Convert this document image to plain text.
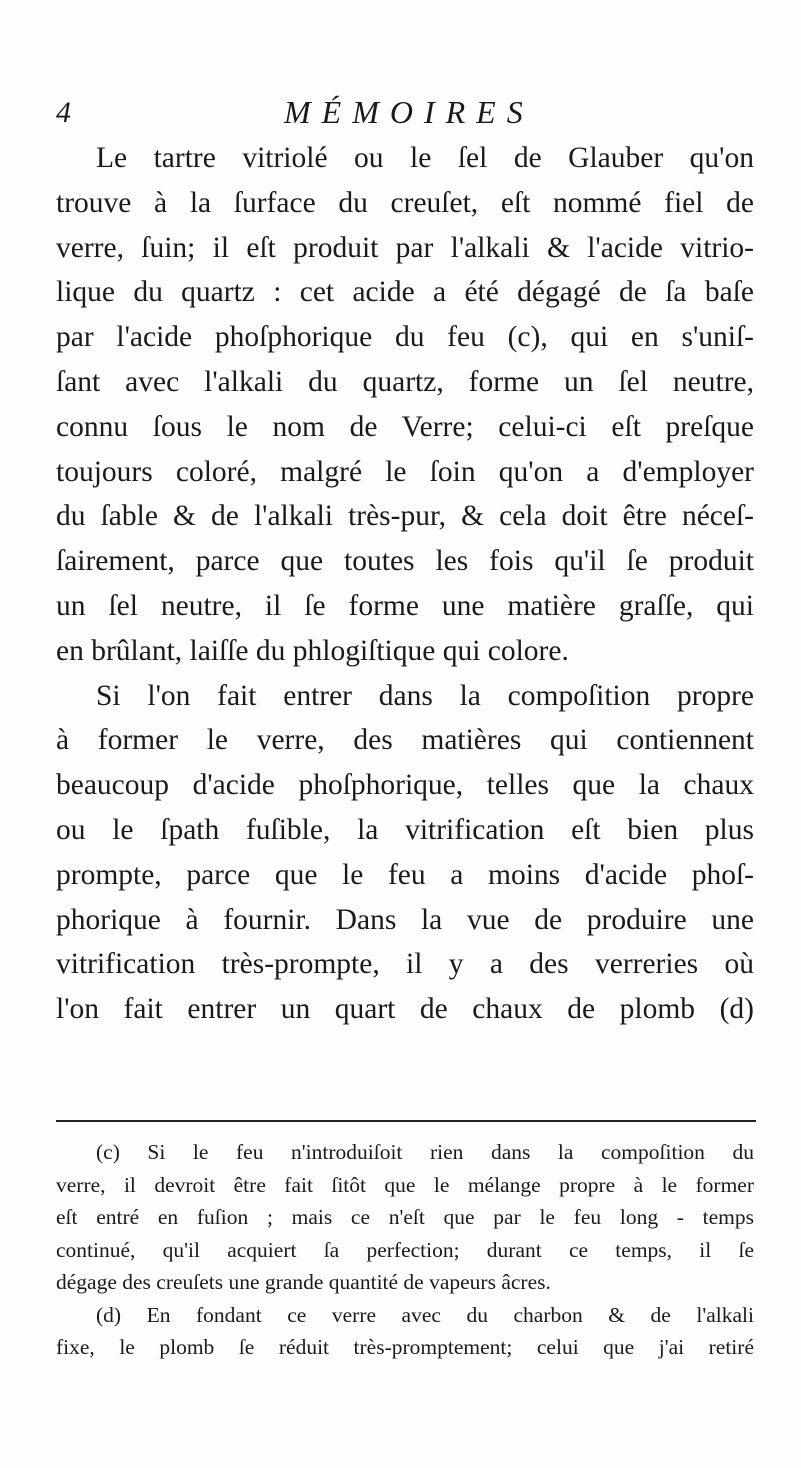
4	MÉMOIRES
Le tartre vitriolé ou le ſel de Glauber qu'on
trouve à la ſurface du creuſet, eſt nommé fiel de
verre, ſuin; il eſt produit par l'alkali & l'acide vitrio-
lique du quartz : cet acide a été dégagé de ſa baſe
par l'acide phoſphorique du feu (c), qui en s'uniſ-
ſant avec l'alkali du quartz, forme un ſel neutre,
connu ſous le nom de Verre; celui-ci eſt preſque
toujours coloré, malgré le ſoin qu'on a d'employer
du ſable & de l'alkali très-pur, & cela doit être néceſ-
ſairement, parce que toutes les fois qu'il ſe produit
un ſel neutre, il ſe forme une matière graſſe, qui
en brûlant, laiſſe du phlogiſtique qui colore.
Si l'on fait entrer dans la compoſition propre
à former le verre, des matières qui contiennent
beaucoup d'acide phoſphorique, telles que la chaux
ou le ſpath fuſible, la vitrification eſt bien plus
prompte, parce que le feu a moins d'acide phoſ-
phorique à fournir. Dans la vue de produire une
vitrification très-prompte, il y a des verreries où
l'on fait entrer un quart de chaux de plomb (d)
(c) Si le feu n'introduiſoit rien dans la compoſition du
verre, il devroit être fait ſitôt que le mélange propre à le former
eſt entré en fuſion ; mais ce n'eſt que par le feu long - temps
continué, qu'il acquiert ſa perfection; durant ce temps, il ſe
dégage des creuſets une grande quantité de vapeurs âcres.
(d) En fondant ce verre avec du charbon & de l'alkali
fixe, le plomb ſe réduit très-promptement; celui que j'ai retiré
